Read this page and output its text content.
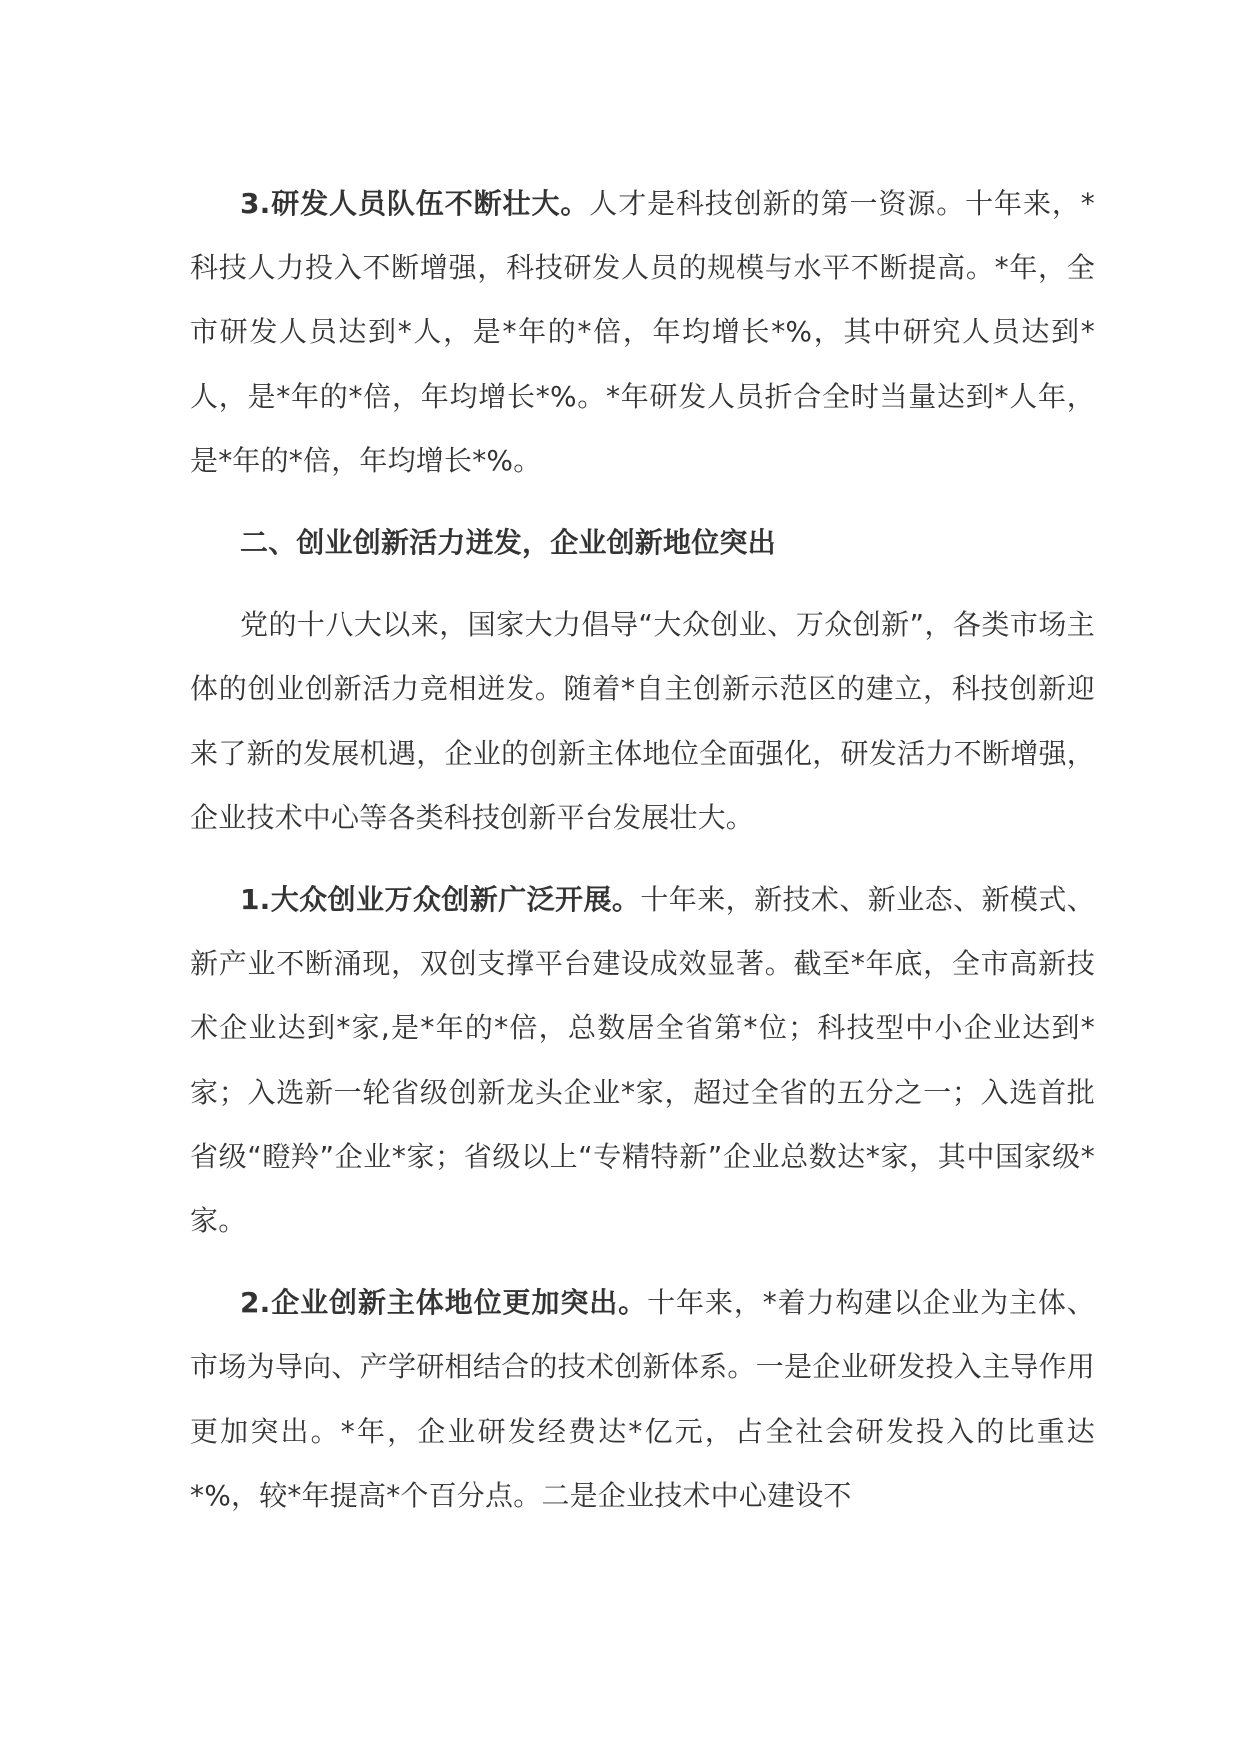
3.研发人员队伍不断壮大。人才是科技创新的第一资源。十年来，*科技人力投入不断增强，科技研发人员的规模与水平不断提高。*年，全市研发人员达到*人，是*年的*倍，年均增长*%，其中研究人员达到*人，是*年的*倍，年均增长*%。*年研发人员折合全时当量达到*人年，是*年的*倍，年均增长*%。

二、创业创新活力迸发，企业创新地位突出

党的十八大以来，国家大力倡导“大众创业、万众创新”，各类市场主体的创业创新活力竞相迸发。随着*自主创新示范区的建立，科技创新迎来了新的发展机遇，企业的创新主体地位全面强化，研发活力不断增强，企业技术中心等各类科技创新平台发展壮大。

1.大众创业万众创新广泛开展。十年来，新技术、新业态、新模式、新产业不断涌现，双创支撑平台建设成效显著。截至*年底，全市高新技术企业达到*家,是*年的*倍，总数居全省第*位；科技型中小企业达到*家；入选新一轮省级创新龙头企业*家，超过全省的五分之一；入选首批省级“瞪羚”企业*家；省级以上“专精特新”企业总数达*家，其中国家级*家。

2.企业创新主体地位更加突出。十年来，*着力构建以企业为主体、市场为导向、产学研相结合的技术创新体系。一是企业研发投入主导作用更加突出。*年，企业研发经费达*亿元，占全社会研发投入的比重达*%，较*年提高*个百分点。二是企业技术中心建设不
